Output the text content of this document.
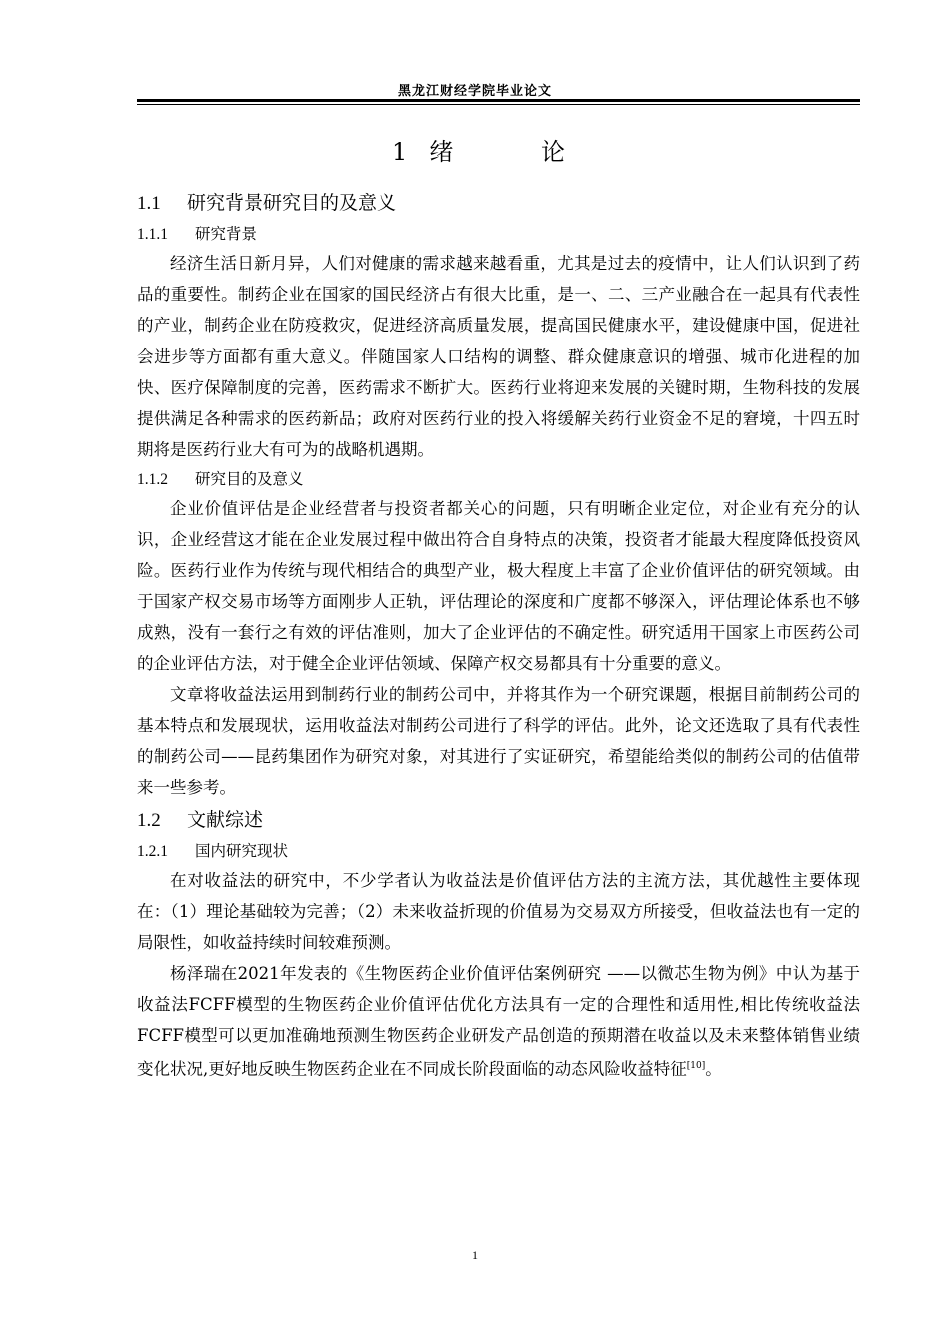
黑龙江财经学院毕业论文
1 绪 论
1.1 研究背景研究目的及意义
1.1.1 研究背景

经济生活日新月异，人们对健康的需求越来越看重，尤其是过去的疫情中，让人们认识到了药品的重要性。制药企业在国家的国民经济占有很大比重，是一、二、三产业融合在一起具有代表性的产业，制药企业在防疫救灾，促进经济高质量发展，提高国民健康水平，建设健康中国，促进社会进步等方面都有重大意义。伴随国家人口结构的调整、群众健康意识的增强、城市化进程的加快、医疗保障制度的完善，医药需求不断扩大。医药行业将迎来发展的关键时期，生物科技的发展提供满足各种需求的医药新品；政府对医药行业的投入将缓解关药行业资金不足的窘境，十四五时期将是医药行业大有可为的战略机遇期。

1.1.2 研究目的及意义

企业价值评估是企业经营者与投资者都关心的问题，只有明晰企业定位，对企业有充分的认识，企业经营这才能在企业发展过程中做出符合自身特点的决策，投资者才能最大程度降低投资风险。医药行业作为传统与现代相结合的典型产业，极大程度上丰富了企业价值评估的研究领域。由于国家产权交易市场等方面刚步人正轨，评估理论的深度和广度都不够深入，评估理论体系也不够成熟，没有一套行之有效的评估准则，加大了企业评估的不确定性。研究适用干国家上市医药公司的企业评估方法，对于健全企业评估领域、保障产权交易都具有十分重要的意义。

文章将收益法运用到制药行业的制药公司中，并将其作为一个研究课题，根据目前制药公司的基本特点和发展现状，运用收益法对制药公司进行了科学的评估。此外，论文还选取了具有代表性的制药公司——昆药集团作为研究对象，对其进行了实证研究，希望能给类似的制药公司的估值带来一些参考。

1.2 文献综述
1.2.1 国内研究现状

在对收益法的研究中，不少学者认为收益法是价值评估方法的主流方法，其优越性主要体现在：（1）理论基础较为完善；（2）未来收益折现的价值易为交易双方所接受，但收益法也有一定的局限性，如收益持续时间较难预测。

杨泽瑞在2021年发表的《生物医药企业价值评估案例研究 ——以微芯生物为例》中认为基于收益法FCFF模型的生物医药企业价值评估优化方法具有一定的合理性和适用性,相比传统收益法FCFF模型可以更加准确地预测生物医药企业研发产品创造的预期潜在收益以及未来整体销售业绩变化状况,更好地反映生物医药企业在不同成长阶段面临的动态风险收益特征[10]。

1
